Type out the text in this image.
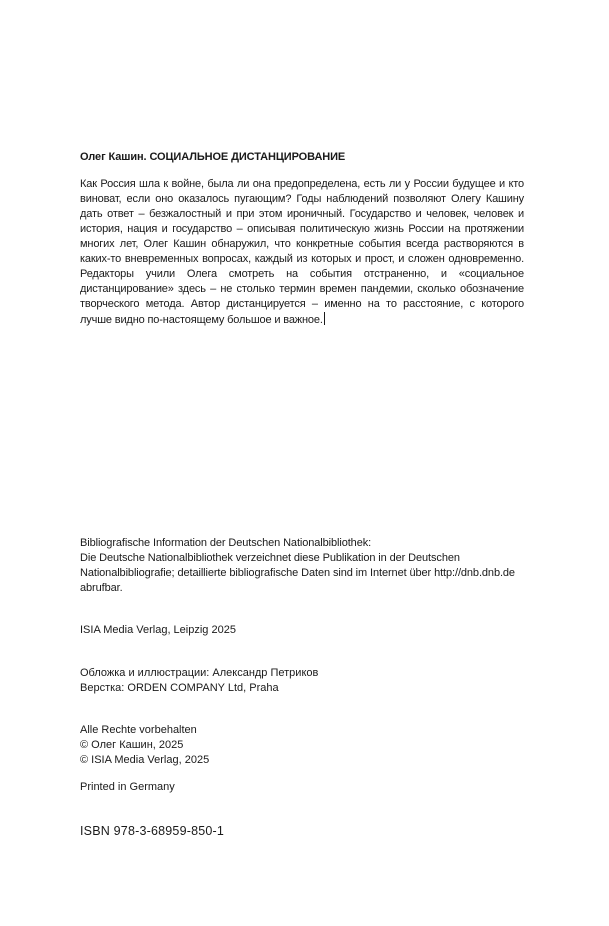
Олег Кашин. СОЦИАЛЬНОЕ ДИСТАНЦИРОВАНИЕ

Как Россия шла к войне, была ли она предопределена, есть ли у России будущее и кто виноват, если оно оказалось пугающим? Годы наблюдений позволяют Олегу Кашину дать ответ – безжалостный и при этом ироничный. Государство и человек, человек и история, нация и государство – описывая политическую жизнь России на протяжении многих лет, Олег Кашин обнаружил, что конкретные события всегда растворяются в каких-то вневременных вопросах, каждый из которых и прост, и сложен одновременно. Редакторы учили Олега смотреть на события отстраненно, и «социальное дистанцирование» здесь – не столько термин времен пандемии, сколько обозначение творческого метода. Автор дистанцируется – именно на то расстояние, с которого лучше видно по-настоящему большое и важное.

Bibliografische Information der Deutschen Nationalbibliothek:
Die Deutsche Nationalbibliothek verzeichnet diese Publikation in der Deutschen
Nationalbibliografie; detaillierte bibliografische Daten sind im Internet über http://dnb.dnb.de
abrufbar.
ISIA Media Verlag, Leipzig 2025
Обложка и иллюстрации: Александр Петриков
Верстка: ORDEN COMPANY Ltd, Praha
Alle Rechte vorbehalten
© Олег Кашин, 2025
© ISIA Media Verlag, 2025
Printed in Germany
ISBN 978-3-68959-850-1
